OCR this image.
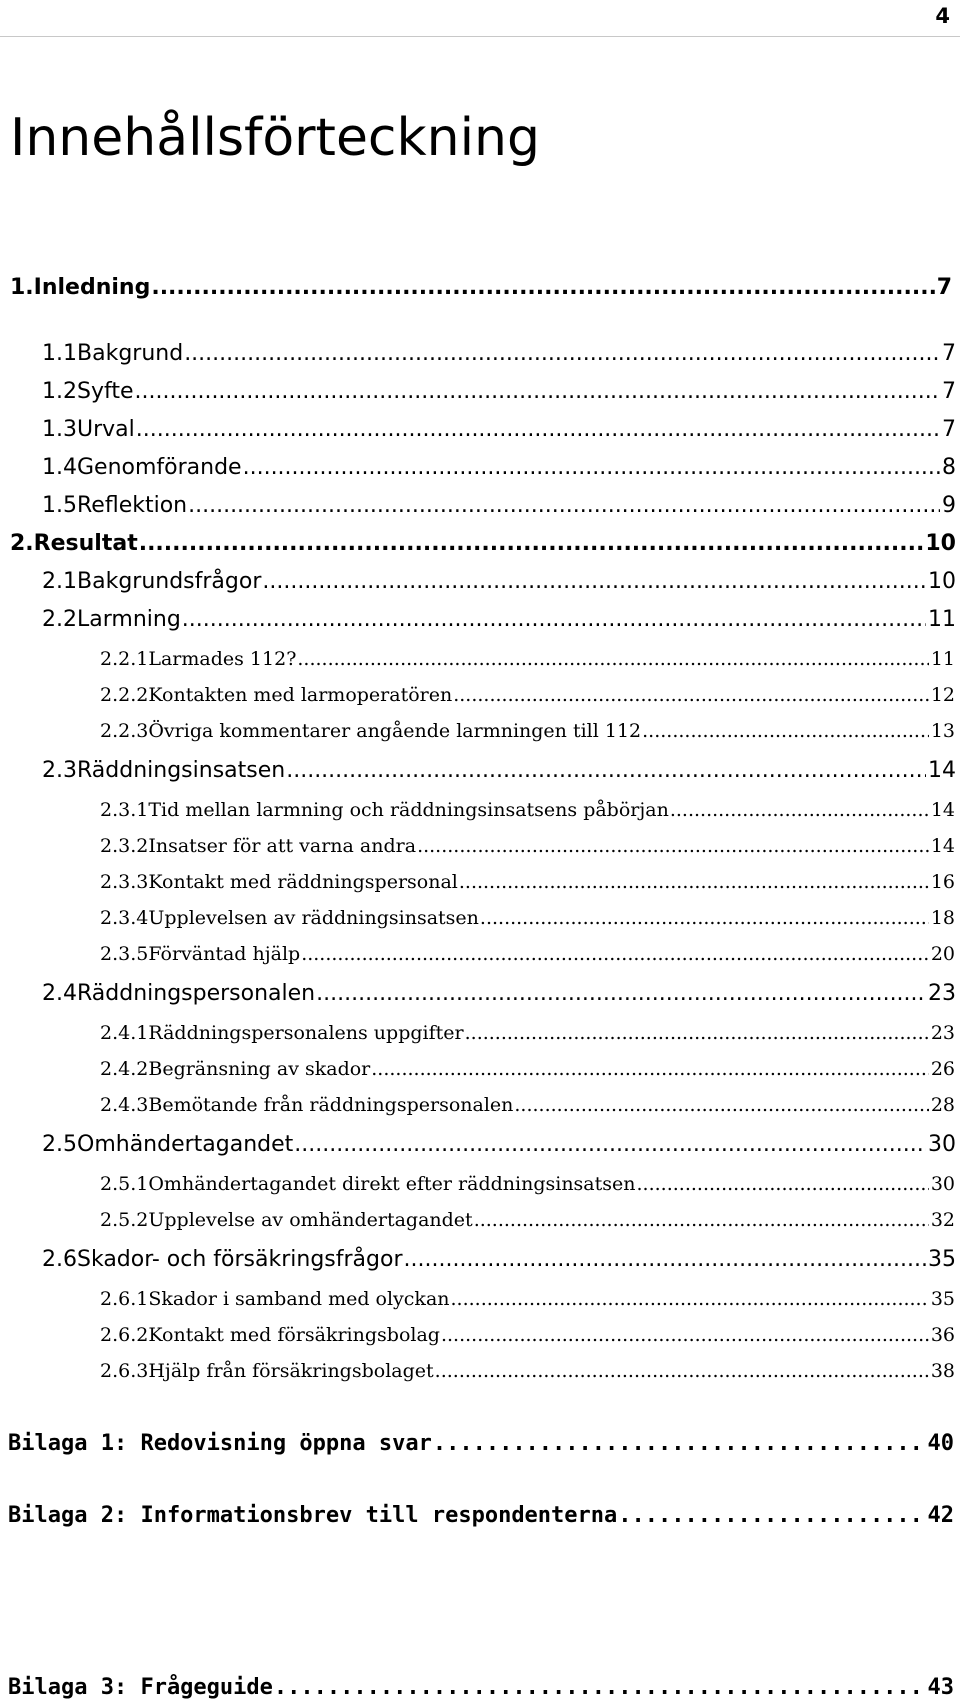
4
Innehållsförteckning
1. Inledning .....	7
1.1 Bakgrund .....	7
1.2 Syfte .....	7
1.3 Urval .....	7
1.4 Genomförande .....	8
1.5 Reflektion .....	9
2. Resultat .....	10
2.1 Bakgrundsfrågor .....	10
2.2 Larmning .....	11
2.2.1 Larmades 112? .....	11
2.2.2 Kontakten med larmoperatören .....	12
2.2.3 Övriga kommentarer angående larmningen till 112 .....	13
2.3 Räddningsinsatsen .....	14
2.3.1 Tid mellan larmning och räddningsinsatsens påbörjan .....	14
2.3.2 Insatser för att varna andra .....	14
2.3.3 Kontakt med räddningspersonal .....	16
2.3.4 Upplevelsen av räddningsinsatsen .....	18
2.3.5 Förväntad hjälp .....	20
2.4 Räddningspersonalen .....	23
2.4.1 Räddningspersonalens uppgifter .....	23
2.4.2 Begränsning av skador .....	26
2.4.3 Bemötande från räddningspersonalen .....	28
2.5 Omhändertagandet .....	30
2.5.1 Omhändertagandet direkt efter räddningsinsatsen .....	30
2.5.2 Upplevelse av omhändertagandet .....	32
2.6 Skador- och försäkringsfrågor .....	35
2.6.1 Skador i samband med olyckan .....	35
2.6.2 Kontakt med försäkringsbolag .....	36
2.6.3 Hjälp från försäkringsbolaget .....	38
Bilaga 1: Redovisning öppna svar .....	40
Bilaga 2: Informationsbrev till respondenterna .....	42
Bilaga 3: Frågeguide .....	43
